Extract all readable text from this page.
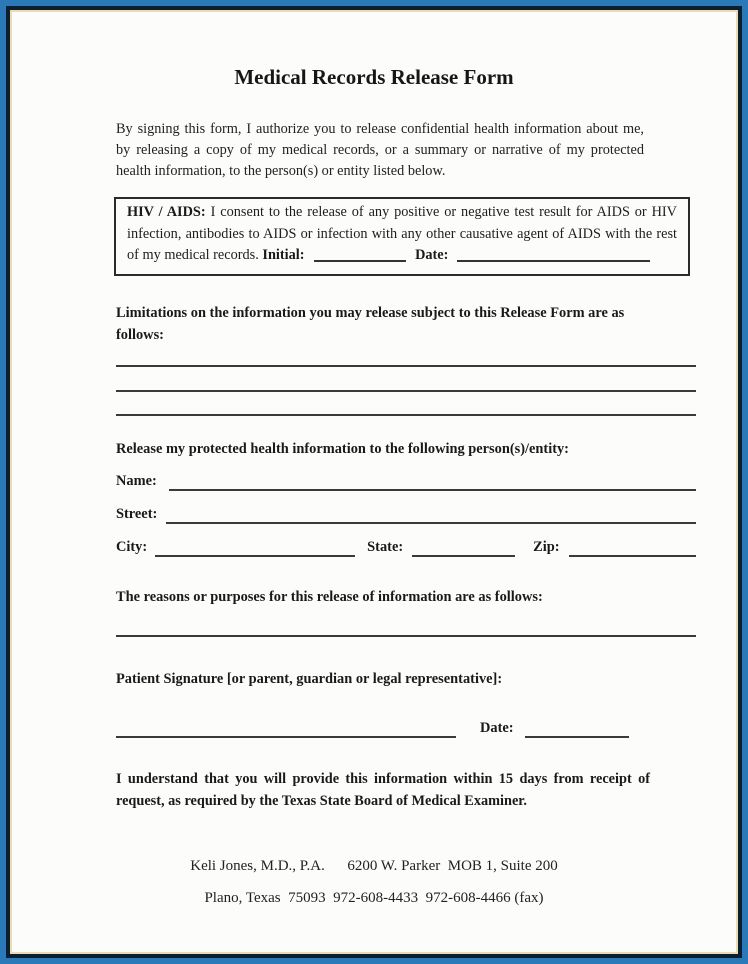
Medical Records Release Form
By signing this form, I authorize you to release confidential health information about me, by releasing a copy of my medical records, or a summary or narrative of my protected health information, to the person(s) or entity listed below.
HIV / AIDS: I consent to the release of any positive or negative test result for AIDS or HIV infection, antibodies to AIDS or infection with any other causative agent of AIDS with the rest of my medical records. Initial:	Date:
Limitations on the information you may release subject to this Release Form are as follows:
Release my protected health information to the following person(s)/entity:
Name:
Street:
City:	State:	Zip:
The reasons or purposes for this release of information are as follows:
Patient Signature [or parent, guardian or legal representative]:
Date:
I understand that you will provide this information within 15 days from receipt of request, as required by the Texas State Board of Medical Examiner.
Keli Jones, M.D., P.A.      6200 W. Parker  MOB 1, Suite 200
Plano, Texas  75093  972-608-4433  972-608-4466 (fax)
